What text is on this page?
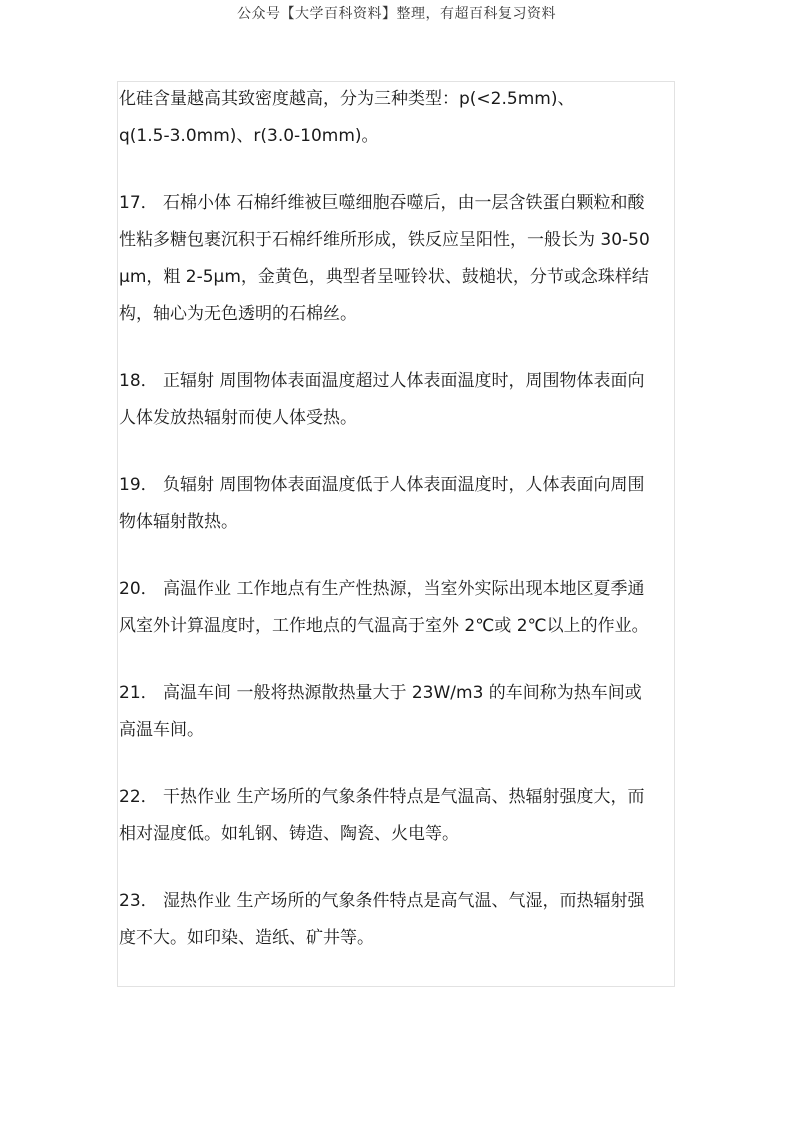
公众号【大学百科资料】整理，有超百科复习资料
化硅含量越高其致密度越高，分为三种类型：p(<2.5mm)、
q(1.5-3.0mm)、r(3.0-10mm)。
17． 石棉小体 石棉纤维被巨噬细胞吞噬后，由一层含铁蛋白颗粒和酸
性粘多糖包裹沉积于石棉纤维所形成，铁反应呈阳性，一般长为 30-50
μm，粗 2-5μm，金黄色，典型者呈哑铃状、鼓槌状，分节或念珠样结
构，轴心为无色透明的石棉丝。
18． 正辐射 周围物体表面温度超过人体表面温度时，周围物体表面向
人体发放热辐射而使人体受热。
19． 负辐射 周围物体表面温度低于人体表面温度时，人体表面向周围
物体辐射散热。
20． 高温作业 工作地点有生产性热源，当室外实际出现本地区夏季通
风室外计算温度时，工作地点的气温高于室外 2℃或 2℃以上的作业。
21． 高温车间 一般将热源散热量大于 23W/m3 的车间称为热车间或
高温车间。
22． 干热作业 生产场所的气象条件特点是气温高、热辐射强度大，而
相对湿度低。如轧钢、铸造、陶瓷、火电等。
23． 湿热作业 生产场所的气象条件特点是高气温、气湿，而热辐射强
度不大。如印染、造纸、矿井等。
